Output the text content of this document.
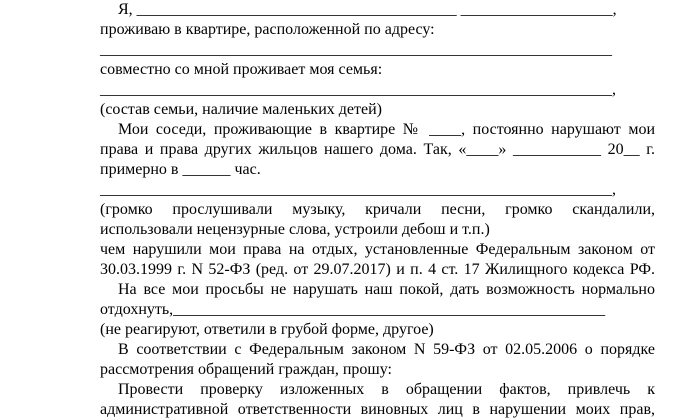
Я, ________________________________________ ___________________,

проживаю в квартире, расположенной по адресу:

________________________________________________________________

совместно со мной проживает моя семья:

________________________________________________________________,

(состав семьи, наличие маленьких детей)

Мои соседи, проживающие в квартире № ____, постоянно нарушают мои

права и права других жильцов нашего дома. Так, «____» ___________ 20__ г.

примерно в ______ час.

________________________________________________________________,

(громко прослушивали музыку, кричали песни, громко скандалили,

использовали нецензурные слова, устроили дебош и т.п.)

чем нарушили мои права на отдых, установленные Федеральным законом от

30.03.1999 г. N 52-ФЗ (ред. от 29.07.2017) и п. 4 ст. 17 Жилищного кодекса РФ.

На все мои просьбы не нарушать наш покой, дать возможность нормально

отдохнуть,______________________________________________________

(не реагируют, ответили в грубой форме, другое)

В соответствии с Федеральным законом N 59-ФЗ от 02.05.2006 о порядке

рассмотрения обращений граждан, прошу:

Провести проверку изложенных в обращении фактов, привлечь к

административной ответственности виновных лиц в нарушении моих прав,
